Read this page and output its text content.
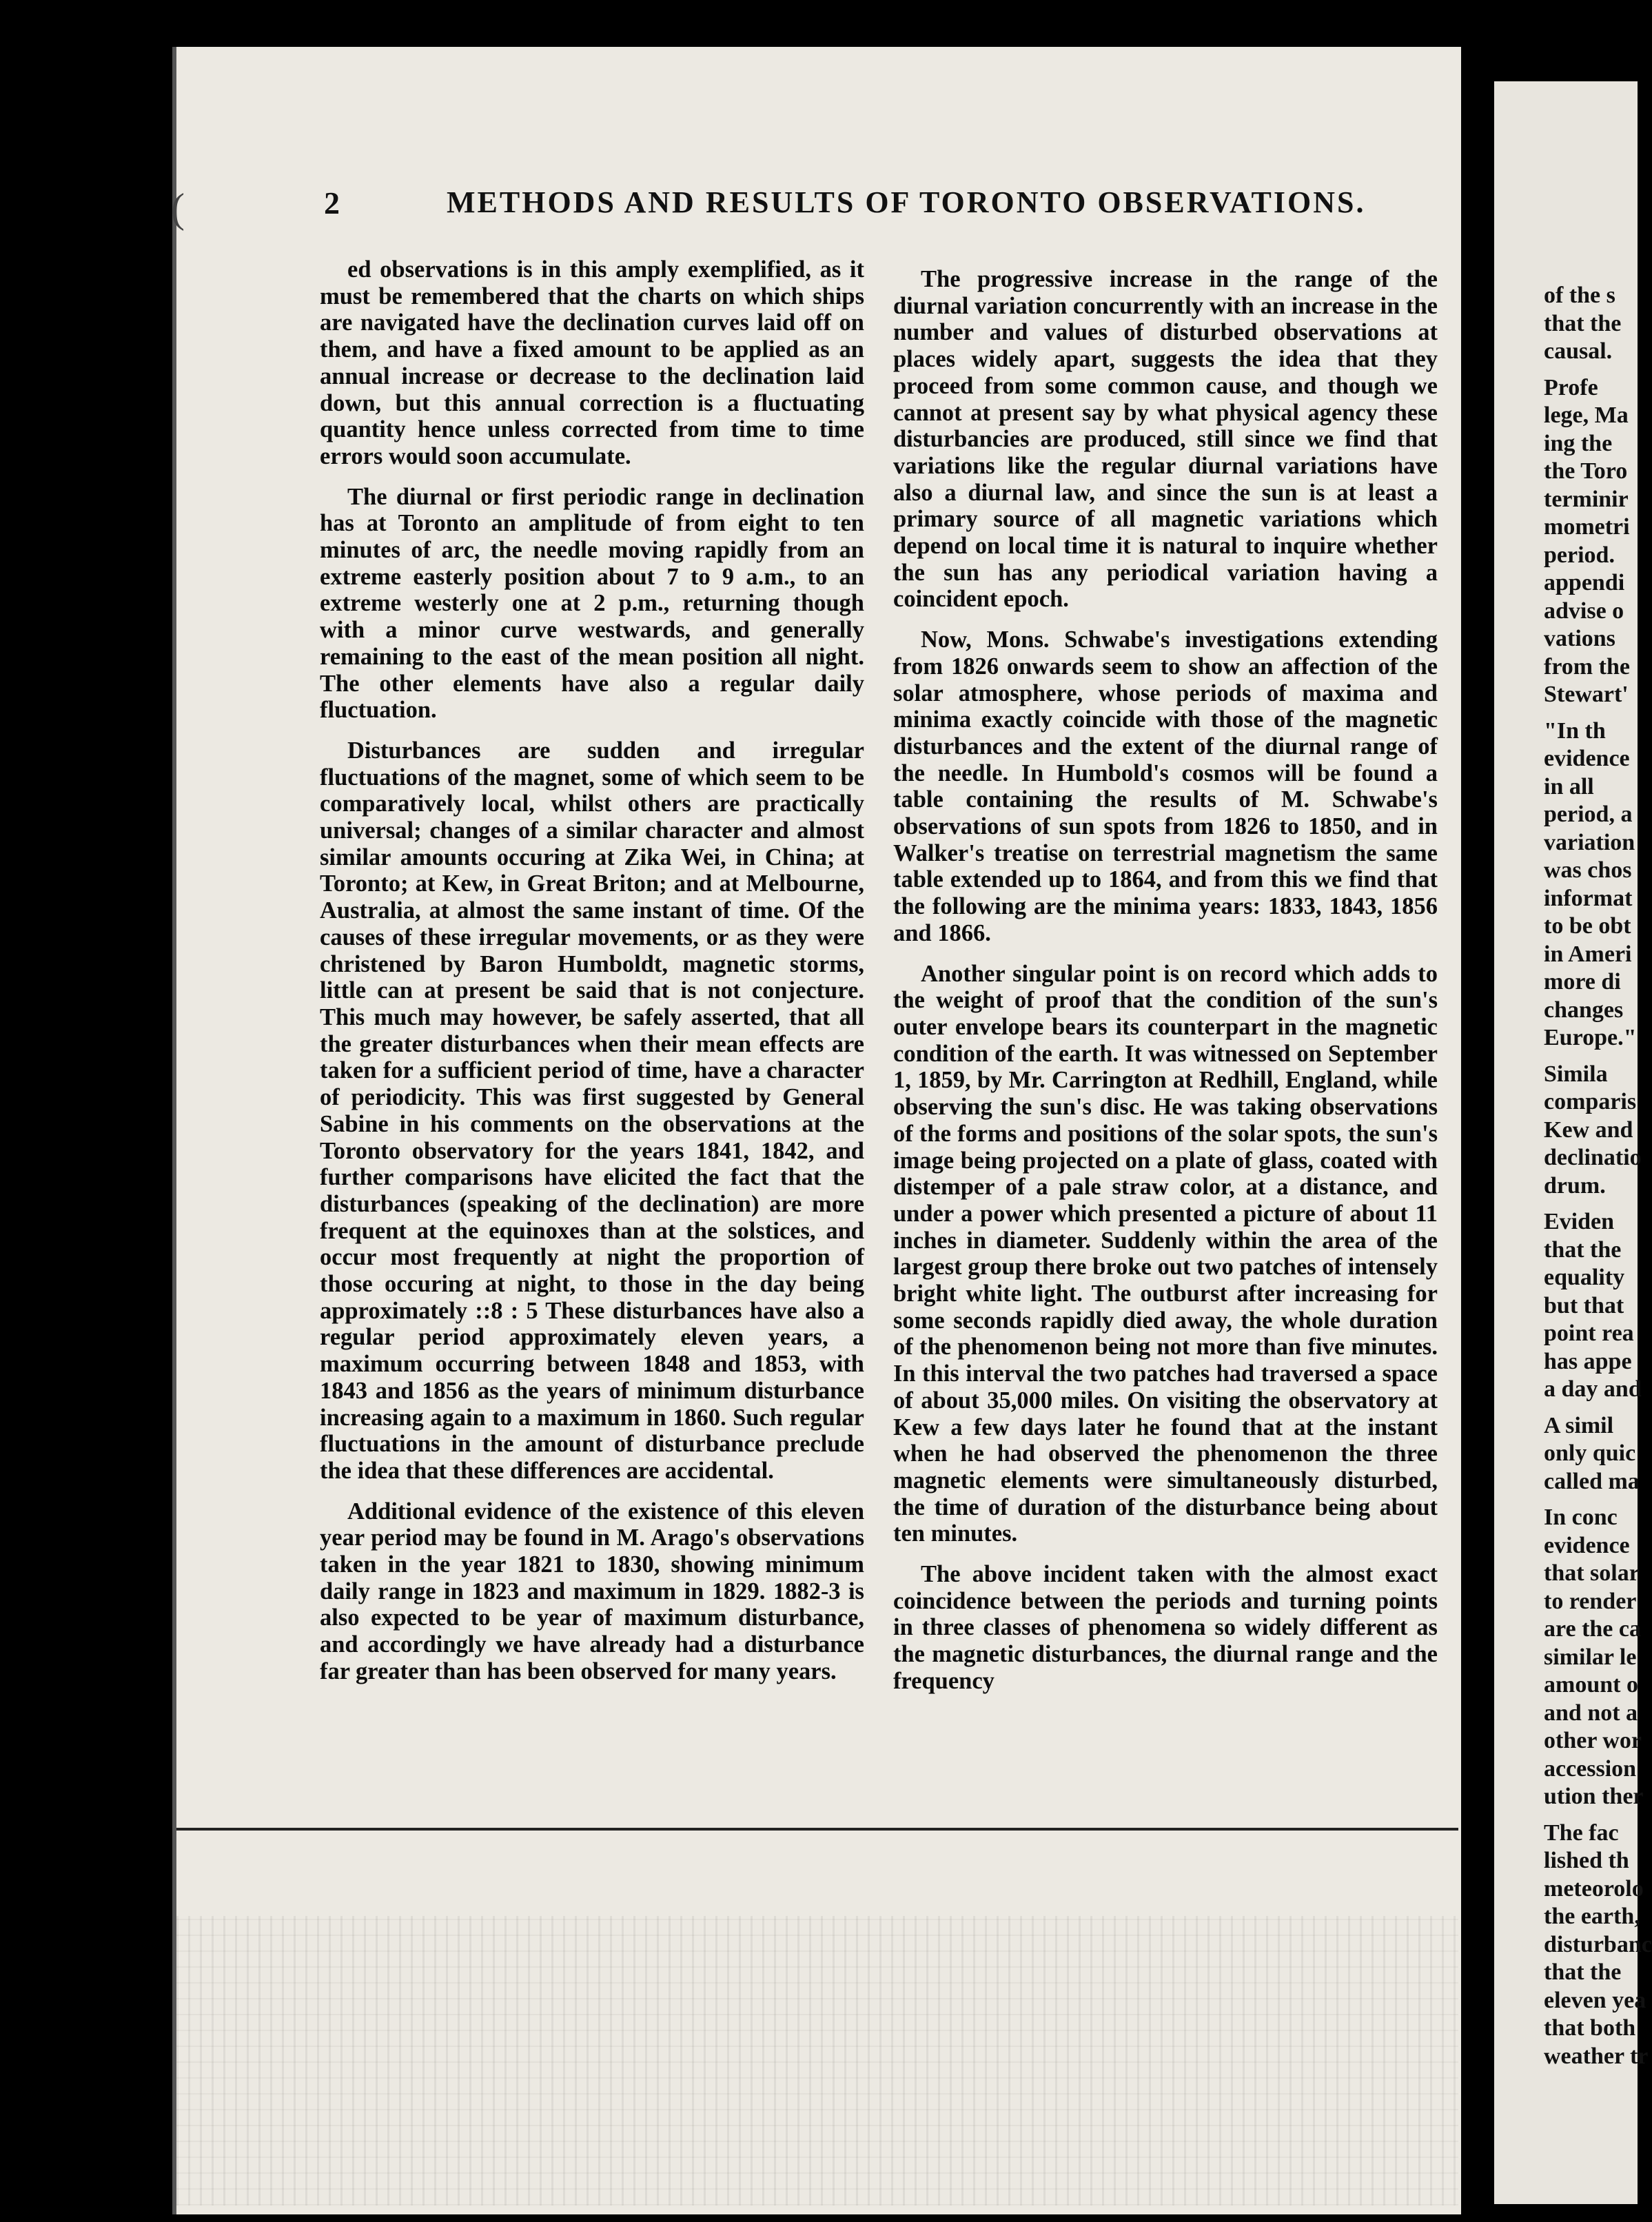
(	2	METHODS AND RESULTS OF TORONTO OBSERVATIONS.

ed observations is in this amply exemplified, as it must be remembered that the charts on which ships are navigated have the declination curves laid off on them, and have a fixed amount to be applied as an annual increase or decrease to the declination laid down, but this annual correction is a fluctuating quantity hence unless corrected from time to time errors would soon accumulate.

The diurnal or first periodic range in declination has at Toronto an amplitude of from eight to ten minutes of arc, the needle moving rapidly from an extreme easterly position about 7 to 9 a.m., to an extreme westerly one at 2 p.m., returning though with a minor curve westwards, and generally remaining to the east of the mean position all night. The other elements have also a regular daily fluctuation.

Disturbances are sudden and irregular fluctuations of the magnet, some of which seem to be comparatively local, whilst others are practically universal; changes of a similar character and almost similar amounts occuring at Zika Wei, in China; at Toronto; at Kew, in Great Briton; and at Melbourne, Australia, at almost the same instant of time. Of the causes of these irregular movements, or as they were christened by Baron Humboldt, magnetic storms, little can at present be said that is not conjecture. This much may however, be safely asserted, that all the greater disturbances when their mean effects are taken for a sufficient period of time, have a character of periodicity. This was first suggested by General Sabine in his comments on the observations at the Toronto observatory for the years 1841, 1842, and further comparisons have elicited the fact that the disturbances (speaking of the declination) are more frequent at the equinoxes than at the solstices, and occur most frequently at night the proportion of those occuring at night, to those in the day being approximately ::8 : 5 These disturbances have also a regular period approximately eleven years, a maximum occurring between 1848 and 1853, with 1843 and 1856 as the years of minimum disturbance increasing again to a maximum in 1860. Such regular fluctuations in the amount of disturbance preclude the idea that these differences are accidental.

Additional evidence of the existence of this eleven year period may be found in M. Arago's observations taken in the year 1821 to 1830, showing minimum daily range in 1823 and maximum in 1829. 1882-3 is also expected to be year of maximum disturbance, and accordingly we have already had a disturbance far greater than has been observed for many years.

The progressive increase in the range of the diurnal variation concurrently with an increase in the number and values of disturbed observations at places widely apart, suggests the idea that they proceed from some common cause, and though we cannot at present say by what physical agency these disturbancies are produced, still since we find that variations like the regular diurnal variations have also a diurnal law, and since the sun is at least a primary source of all magnetic variations which depend on local time it is natural to inquire whether the sun has any periodical variation having a coincident epoch.

Now, Mons. Schwabe's investigations extending from 1826 onwards seem to show an affection of the solar atmosphere, whose periods of maxima and minima exactly coincide with those of the magnetic disturbances and the extent of the diurnal range of the needle. In Humbold's cosmos will be found a table containing the results of M. Schwabe's observations of sun spots from 1826 to 1850, and in Walker's treatise on terrestrial magnetism the same table extended up to 1864, and from this we find that the following are the minima years: 1833, 1843, 1856 and 1866.

Another singular point is on record which adds to the weight of proof that the condition of the sun's outer envelope bears its counterpart in the magnetic condition of the earth. It was witnessed on September 1, 1859, by Mr. Carrington at Redhill, England, while observing the sun's disc. He was taking observations of the forms and positions of the solar spots, the sun's image being projected on a plate of glass, coated with distemper of a pale straw color, at a distance, and under a power which presented a picture of about 11 inches in diameter. Suddenly within the area of the largest group there broke out two patches of intensely bright white light. The outburst after increasing for some seconds rapidly died away, the whole duration of the phenomenon being not more than five minutes. In this interval the two patches had traversed a space of about 35,000 miles. On visiting the observatory at Kew a few days later he found that at the instant when he had observed the phenomenon the three magnetic elements were simultaneously disturbed, the time of duration of the disturbance being about ten minutes.

The above incident taken with the almost exact coincidence between the periods and turning points in three classes of phenomena so widely different as the magnetic disturbances, the diurnal range and the frequency

of the s

that the

causal.

Profe

lege, Ma

ing the

the Toro

terminir

mometri

period.

appendi

advise o

vations

from the

Stewart'

"In th

evidence

in all

period, a

variation

was chos

informat

to be obt

in Ameri

more di

changes

Europe."

Simila

comparis

Kew and

declinatio

drum.

Eviden

that the

equality

but that

point rea

has appe

a day and

A simil

only quic

called ma

In conc

evidence

that solar

to render

are the ca

similar le

amount o

and not a

other wor

accession

ution ther

The fac

lished th

meteorolo

the earth,

disturbanc

that the

eleven yea

that both

weather tr
